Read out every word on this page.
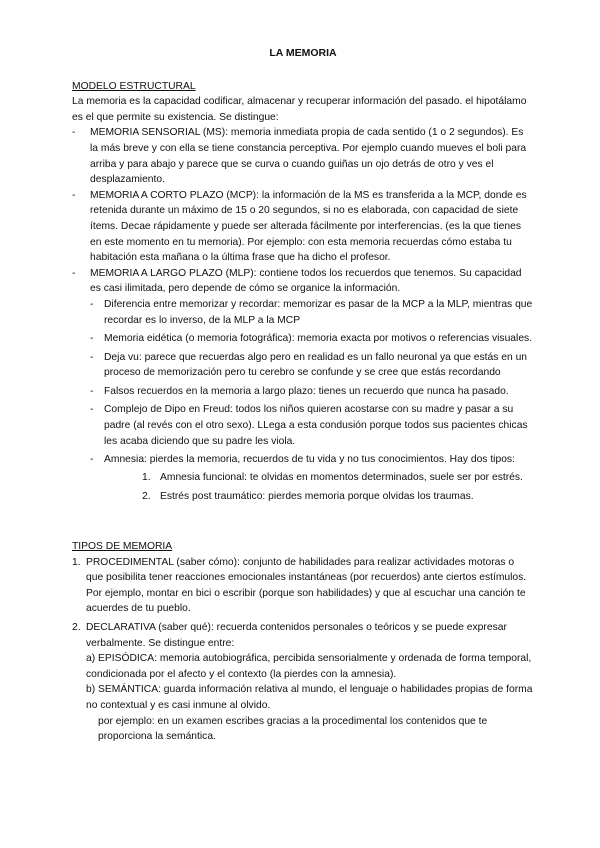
LA MEMORIA
MODELO ESTRUCTURAL

La memoria es la capacidad codificar, almacenar y recuperar información del pasado. el hipotálamo es el que permite su existencia. Se distingue:

- MEMORIA SENSORIAL (MS): memoria inmediata propia de cada sentido (1 o 2 segundos). Es la más breve y con ella se tiene constancia perceptiva. Por ejemplo cuando mueves el boli para arriba y para abajo y parece que se curva o cuando guiñas un ojo detrás de otro y ves el desplazamiento.
- MEMORIA A CORTO PLAZO (MCP): la información de la MS es transferida a la MCP, donde es retenida durante un máximo de 15 o 20 segundos, si no es elaborada, con capacidad de siete ítems. Decae rápidamente y puede ser alterada fácilmente por interferencias. (es la que tienes en este momento en tu memoria). Por ejemplo: con esta memoria recuerdas cómo estaba tu habitación esta mañana o la última frase que ha dicho el profesor.
- MEMORIA A LARGO PLAZO (MLP): contiene todos los recuerdos que tenemos. Su capacidad es casi ilimitada, pero depende de cómo se organice la información.
- Diferencia entre memorizar y recordar: memorizar es pasar de la MCP a la MLP, mientras que recordar es lo inverso, de la MLP a la MCP
- Memoria eidética (o memoria fotográfica): memoria exacta por motivos o referencias visuales.
- Deja vu: parece que recuerdas algo pero en realidad es un fallo neuronal ya que estás en un proceso de memorización pero tu cerebro se confunde y se cree que estás recordando
- Falsos recuerdos en la memoria a largo plazo: tienes un recuerdo que nunca ha pasado.
- Complejo de Dipo en Freud: todos los niños quieren acostarse con su madre y pasar a su padre (al revés con el otro sexo). LLega a esta condusión porque todos sus pacientes chicas les acaba diciendo que su padre les viola.
- Amnesia: pierdes la memoria, recuerdos de tu vida y no tus conocimientos. Hay dos tipos:
1. Amnesia funcional: te olvidas en momentos determinados, suele ser por estrés.
2. Estrés post traumático: pierdes memoria porque olvidas los traumas.
TIPOS DE MEMORIA
1. PROCEDIMENTAL (saber cómo): conjunto de habilidades para realizar actividades motoras o que posibilita tener reacciones emocionales instantáneas (por recuerdos) ante ciertos estímulos. Por ejemplo, montar en bici o escribir (porque son habilidades) y que al escuchar una canción te acuerdes de tu pueblo.
2. DECLARATIVA (saber qué): recuerda contenidos personales o teóricos y se puede expresar verbalmente. Se distingue entre:
a) EPISÓDICA: memoria autobiográfica, percibida sensorialmente y ordenada de forma temporal, condicionada por el afecto y el contexto (la pierdes con la amnesia).
b) SEMÁNTICA: guarda información relativa al mundo, el lenguaje o habilidades propias de forma no contextual y es casi inmune al olvido.
por ejemplo: en un examen escribes gracias a la procedimental los contenidos que te proporciona la semántica.
